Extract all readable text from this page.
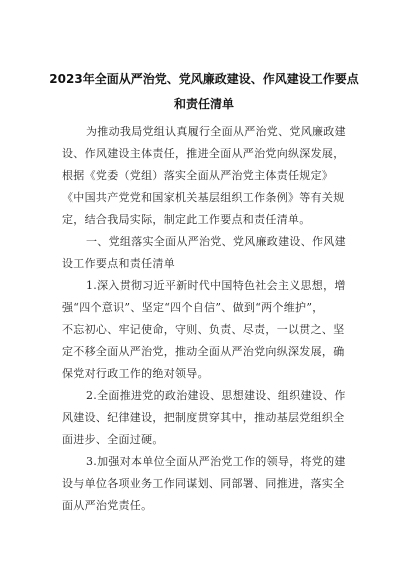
2023年全面从严治党、党风廉政建设、作风建设工作要点
和责任清单

为推动我局党组认真履行全面从严治党、党风廉政建
设、作风建设主体责任，推进全面从严治党向纵深发展，
根据《党委（党组）落实全面从严治党主体责任规定》
《中国共产党党和国家机关基层组织工作条例》等有关规
定，结合我局实际，制定此工作要点和责任清单。

一、党组落实全面从严治党、党风廉政建设、作风建
设工作要点和责任清单

1.深入贯彻习近平新时代中国特色社会主义思想，增
强“四个意识”、坚定“四个自信”、做到“两个维护”，
不忘初心、牢记使命，守则、负责、尽责，一以贯之、坚
定不移全面从严治党，推动全面从严治党向纵深发展，确
保党对行政工作的绝对领导。

2.全面推进党的政治建设、思想建设、组织建设、作
风建设、纪律建设，把制度贯穿其中，推动基层党组织全
面进步、全面过硬。

3.加强对本单位全面从严治党工作的领导，将党的建
设与单位各项业务工作同谋划、同部署、同推进，落实全
面从严治党责任。
